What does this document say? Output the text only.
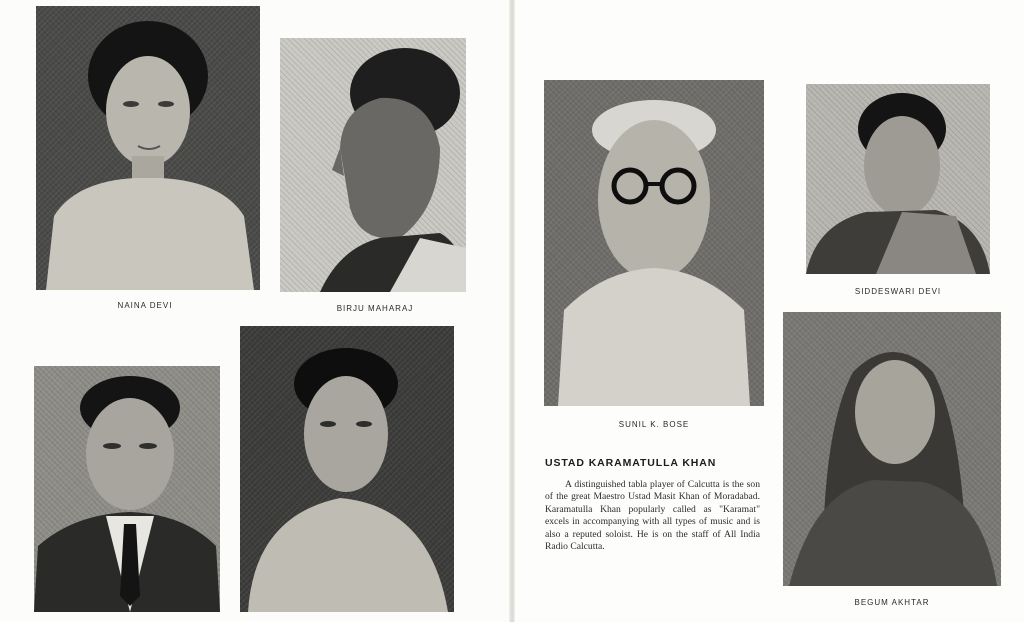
NAINA DEVI	BIRJU MAHARAJ
SUNIL K. BOSE
SIDDESWARI DEVI
BEGUM AKHTAR
USTAD KARAMATULLA KHAN
A distinguished tabla player of Calcutta is the son of the great Maestro Ustad Masit Khan of Moradabad. Karamatulla Khan popularly called as "Karamat" excels in accompanying with all types of music and is also a reputed soloist. He is on the staff of All India Radio Calcutta.
